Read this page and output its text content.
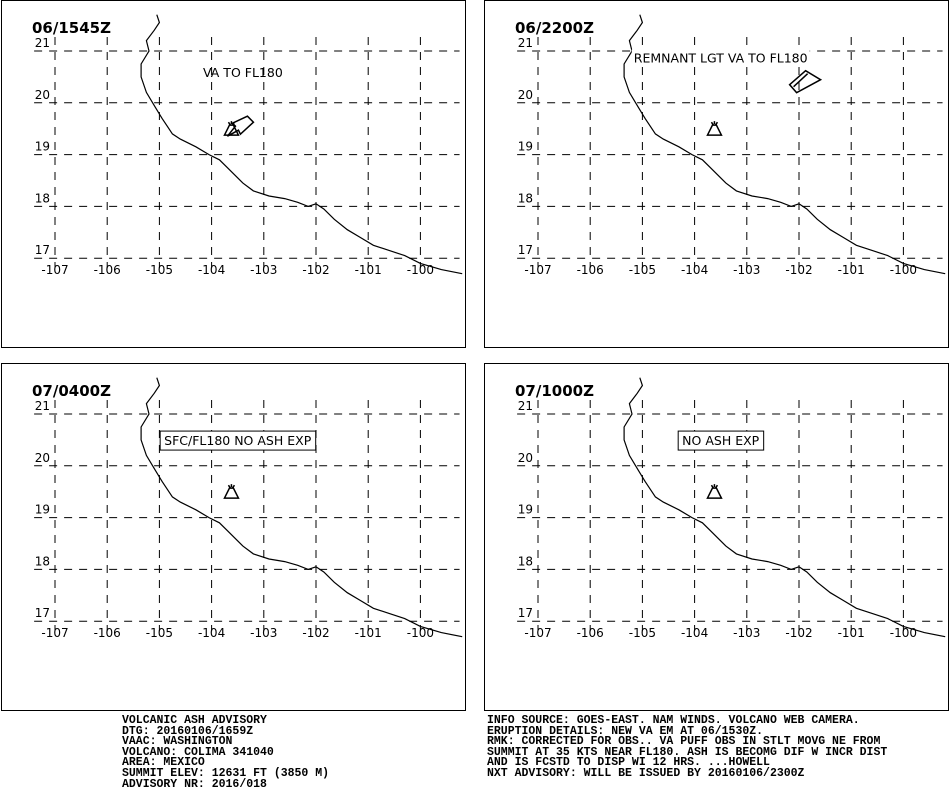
-107 -106 -105 -104 -103 -102 -101 -100
21
20
19
18
17
VA TO FL180
06/1545Z
-107 -106 -105 -104 -103 -102 -101 -100
21
20
19
18
17
REMNANT LGT VA TO FL180
06/2200Z
-107 -106 -105 -104 -103 -102 -101 -100
21
20
19
18
17
SFC/FL180 NO ASH EXP
07/0400Z
-107 -106 -105 -104 -103 -102 -101 -100
21
20
19
18
17
NO ASH EXP
07/1000Z
VOLCANIC ASH ADVISORY
DTG: 20160106/1659Z
VAAC: WASHINGTON
VOLCANO: COLIMA 341040
AREA: MEXICO
SUMMIT ELEV: 12631 FT (3850 M)
ADVISORY NR: 2016/018
INFO SOURCE: GOES-EAST. NAM WINDS. VOLCANO WEB CAMERA.
ERUPTION DETAILS: NEW VA EM AT 06/1530Z.
RMK: CORRECTED FOR OBS.. VA PUFF OBS IN STLT MOVG NE FROM
SUMMIT AT 35 KTS NEAR FL180. ASH IS BECOMG DIF W INCR DIST
AND IS FCSTD TO DISP WI 12 HRS. ...HOWELL
NXT ADVISORY: WILL BE ISSUED BY 20160106/2300Z
